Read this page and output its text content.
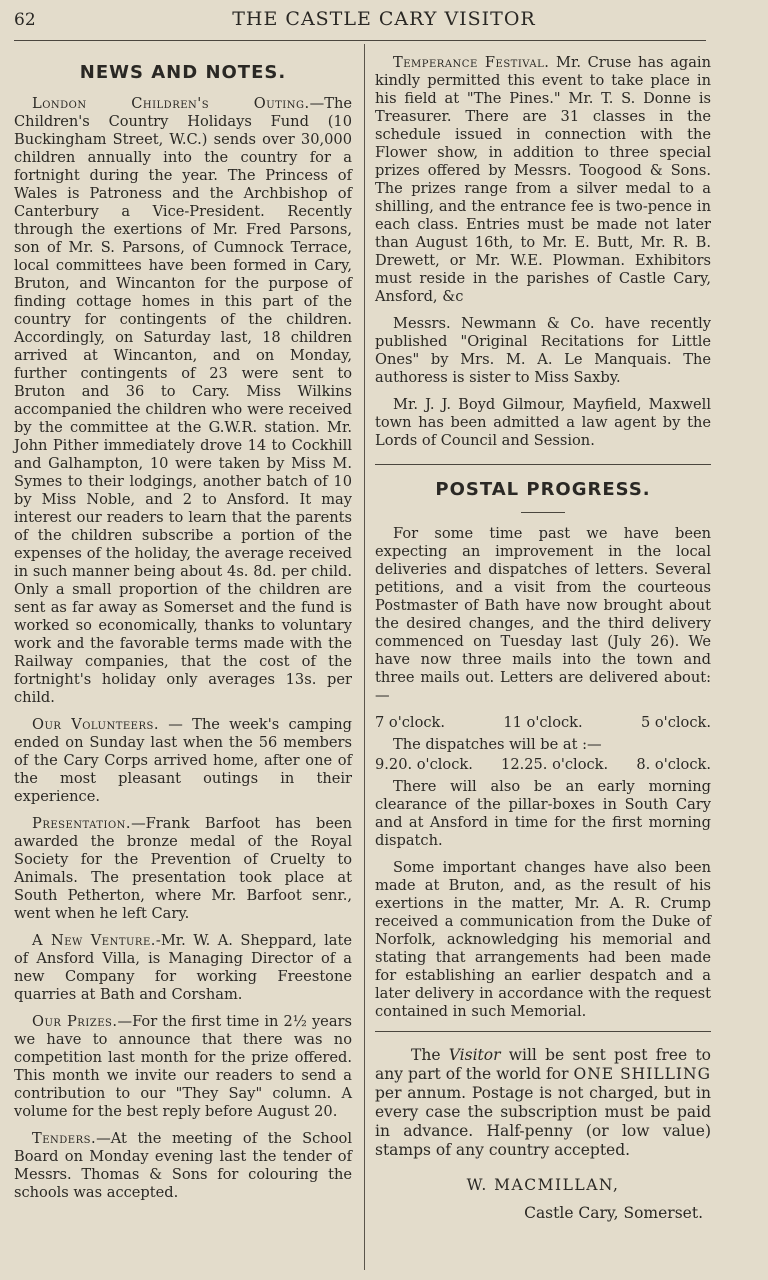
62	THE CASTLE CARY VISITOR
NEWS AND NOTES.

London Children's Outing.—The Children's Country Holidays Fund (10 Buckingham Street, W.C.) sends over 30,000 children annually into the country for a fortnight during the year. The Princess of Wales is Patroness and the Archbishop of Canterbury a Vice-President. Recently through the exertions of Mr. Fred Parsons, son of Mr. S. Parsons, of Cumnock Terrace, local committees have been formed in Cary, Bruton, and Wincanton for the purpose of finding cottage homes in this part of the country for contingents of the children. Accordingly, on Saturday last, 18 children arrived at Wincanton, and on Monday, further contingents of 23 were sent to Bruton and 36 to Cary. Miss Wilkins accompanied the children who were received by the committee at the G.W.R. station. Mr. John Pither immediately drove 14 to Cockhill and Galhampton, 10 were taken by Miss M. Symes to their lodgings, another batch of 10 by Miss Noble, and 2 to Ansford. It may interest our readers to learn that the parents of the children subscribe a portion of the expenses of the holiday, the average received in such manner being about 4s. 8d. per child. Only a small proportion of the children are sent as far away as Somerset and the fund is worked so economically, thanks to voluntary work and the favorable terms made with the Railway companies, that the cost of the fortnight's holiday only averages 13s. per child.

Our Volunteers. — The week's camping ended on Sunday last when the 56 members of the Cary Corps arrived home, after one of the most pleasant outings in their experience.

Presentation.—Frank Barfoot has been awarded the bronze medal of the Royal Society for the Prevention of Cruelty to Animals. The presentation took place at South Petherton, where Mr. Barfoot senr., went when he left Cary.

A New Venture.-Mr. W. A. Sheppard, late of Ansford Villa, is Managing Director of a new Company for working Freestone quarries at Bath and Corsham.

Our Prizes.—For the first time in 2½ years we have to announce that there was no competition last month for the prize offered. This month we invite our readers to send a contribution to our "They Say" column. A volume for the best reply before August 20.

Tenders.—At the meeting of the School Board on Monday evening last the tender of Messrs. Thomas & Sons for colouring the schools was accepted.

Temperance Festival. Mr. Cruse has again kindly permitted this event to take place in his field at "The Pines." Mr. T. S. Donne is Treasurer. There are 31 classes in the schedule issued in connection with the Flower show, in addition to three special prizes offered by Messrs. Toogood & Sons. The prizes range from a silver medal to a shilling, and the entrance fee is two-pence in each class. Entries must be made not later than August 16th, to Mr. E. Butt, Mr. R. B. Drewett, or Mr. W.E. Plowman. Exhibitors must reside in the parishes of Castle Cary, Ansford, &c

Messrs. Newmann & Co. have recently published "Original Recitations for Little Ones" by Mrs. M. A. Le Manquais. The authoress is sister to Miss Saxby.

Mr. J. J. Boyd Gilmour, Mayfield, Maxwell town has been admitted a law agent by the Lords of Council and Session.

POSTAL PROGRESS.

For some time past we have been expecting an improvement in the local deliveries and dispatches of letters. Several petitions, and a visit from the courteous Postmaster of Bath have now brought about the desired changes, and the third delivery commenced on Tuesday last (July 26). We have now three mails into the town and three mails out. Letters are delivered about:—

7 o'clock.	11 o'clock.	5 o'clock.
The dispatches will be at :—
9.20. o'clock. 12.25. o'clock. 8. o'clock.

There will also be an early morning clearance of the pillar-boxes in South Cary and at Ansford in time for the first morning dispatch.

Some important changes have also been made at Bruton, and, as the result of his exertions in the matter, Mr. A. R. Crump received a communication from the Duke of Norfolk, acknowledging his memorial and stating that arrangements had been made for establishing an earlier despatch and a later delivery in accordance with the request contained in such Memorial.

The Visitor will be sent post free to any part of the world for ONE SHILLING per annum. Postage is not charged, but in every case the subscription must be paid in advance. Half-penny (or low value) stamps of any country accepted.

W. MACMILLAN,
Castle Cary, Somerset.
